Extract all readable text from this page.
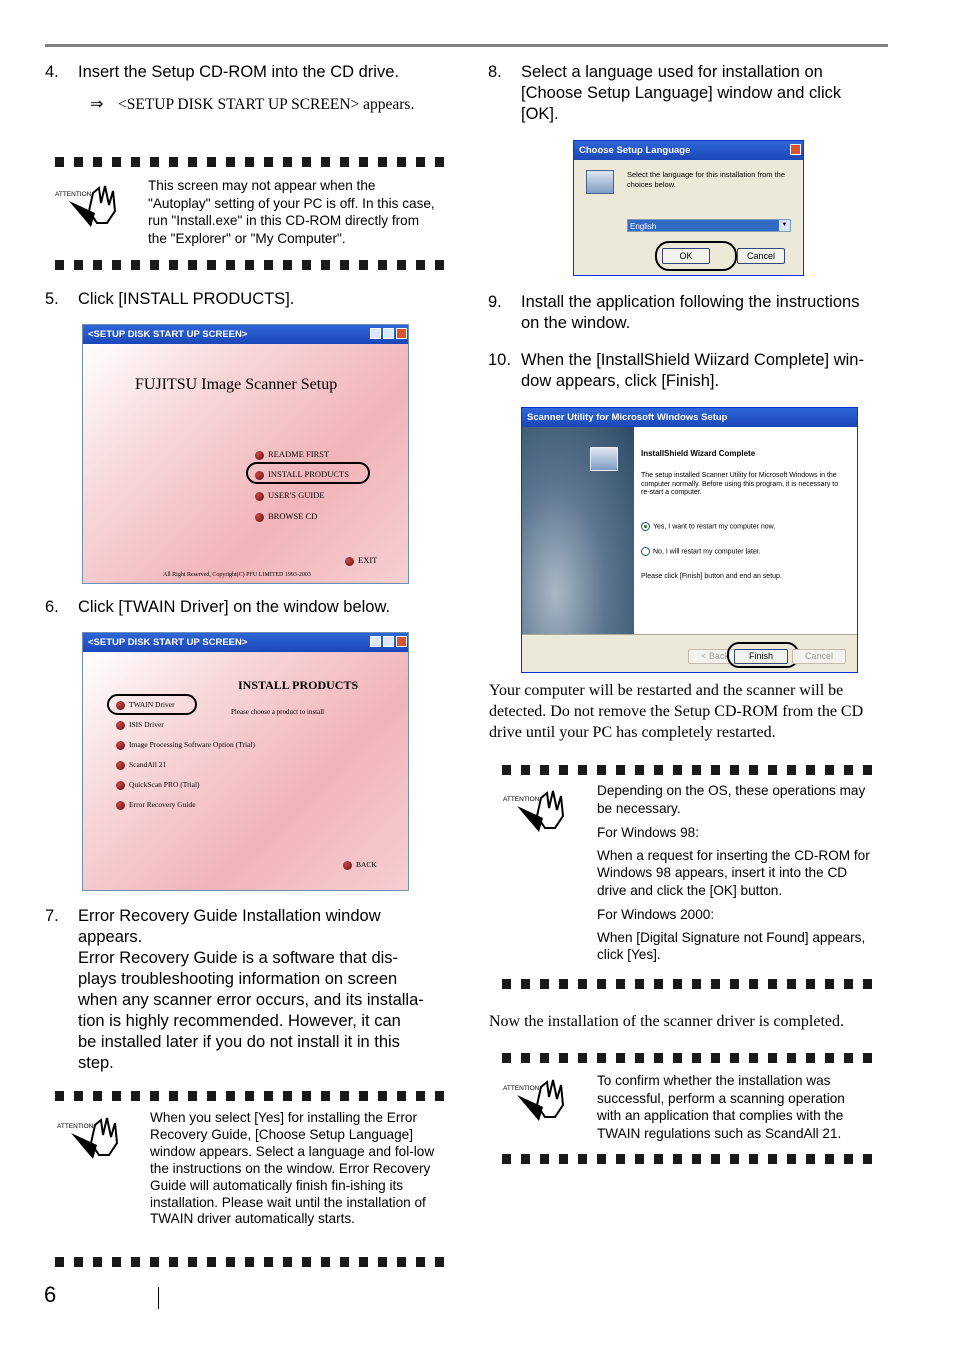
4. Insert the Setup CD-ROM into the CD drive.
⇒ <SETUP DISK START UP SCREEN> appears.
ATTENTION
This screen may not appear when the "Autoplay" setting of your PC is off. In this case, run "Install.exe" in this CD-ROM directly from the "Explorer" or "My Computer".
5. Click [INSTALL PRODUCTS].
<SETUP DISK START UP SCREEN>
FUJITSU Image Scanner Setup
README FIRST
INSTALL PRODUCTS
USER'S GUIDE
BROWSE CD
EXIT
All Right Reserved, Copyright(C) PFU LIMITED 1993-2003
6. Click [TWAIN Driver] on the window below.
<SETUP DISK START UP SCREEN>
INSTALL PRODUCTS
Please choose a product to install
TWAIN Driver
ISIS Driver
Image Processing Software Option (Trial)
ScandAll 21
QuickScan PRO (Trial)
Error Recovery Guide
BACK
7. Error Recovery Guide Installation window
appears.
Error Recovery Guide is a software that dis-
plays troubleshooting information on screen
when any scanner error occurs, and its installa-
tion is highly recommended. However, it can
be installed later if you do not install it in this
step.
ATTENTION
When you select [Yes] for installing the Error Recovery Guide, [Choose Setup Language] window appears. Select a language and fol-low the instructions on the window. Error Recovery Guide will automatically finish fin-ishing its installation. Please wait until the installation of TWAIN driver automatically starts.
8. Select a language used for installation on
[Choose Setup Language] window and click
[OK].
Choose Setup Language
Select the language for this installation from the choices below.
English	▼
OK	Cancel
9. Install the application following the instructions
on the window.
10. When the [InstallShield Wiizard Complete] win-
dow appears, click [Finish].
Scanner Utility for Microsoft Windows Setup
InstallShield Wizard Complete
The setup installed Scanner Utility for Microsoft Windows in the computer normally. Before using this program, it is necessary to re-start a computer.
Yes, I want to restart my computer now.
No, I will restart my computer later.
Please click [Finish] button and end an setup.
< Back	Finish	Cancel
Your computer will be restarted and the scanner will be detected. Do not remove the Setup CD-ROM from the CD drive until your PC has completely restarted.
ATTENTION

Depending on the OS, these operations may be necessary.

For Windows 98:

When a request for inserting the CD-ROM for Windows 98 appears, insert it into the CD drive and click the [OK] button.

For Windows 2000:

When [Digital Signature not Found] appears, click [Yes].

Now the installation of the scanner driver is completed.
ATTENTION
To confirm whether the installation was successful, perform a scanning operation with an application that complies with the TWAIN regulations such as ScandAll 21.
6
